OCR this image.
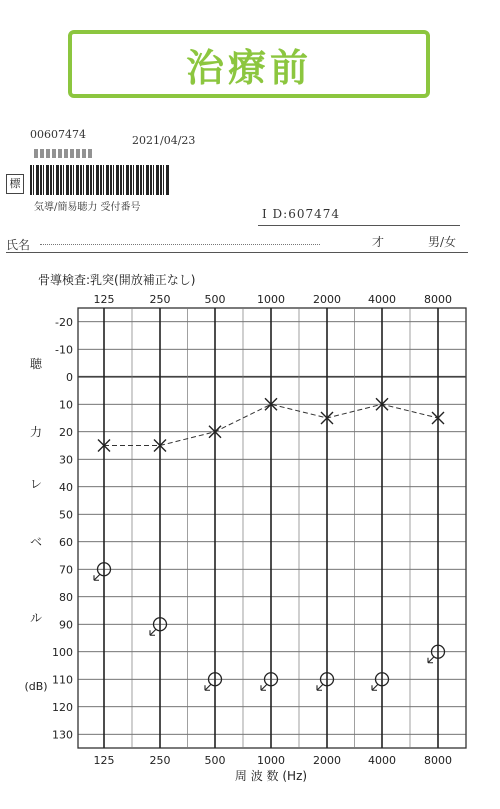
治療前
00607474	2021/04/23
標
気導/簡易聴力 受付番号	I D:607474
氏名	才	男/女
-20
-10
0
10
20
30
40
50
60
70
80
90
100
110
120
130
125
125
250
250
500
500
1000
1000
2000
2000
4000
4000
8000
8000
骨導検査:乳突(開放補正なし)
聴
力
レ
ベ
ル
(dB)
周 波 数 (Hz)
